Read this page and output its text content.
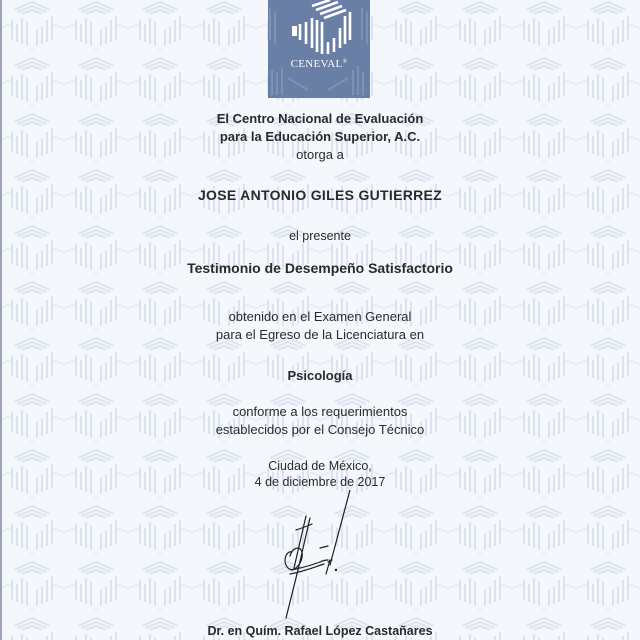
CENEVAL®
El Centro Nacional de Evaluación
para la Educación Superior, A.C.
otorga a
JOSE ANTONIO GILES GUTIERREZ
el presente
Testimonio de Desempeño Satisfactorio
obtenido en el Examen General
para el Egreso de la Licenciatura en
Psicología
conforme a los requerimientos
establecidos por el Consejo Técnico
Ciudad de México,
4 de diciembre de 2017
Dr. en Quím. Rafael López Castañares
